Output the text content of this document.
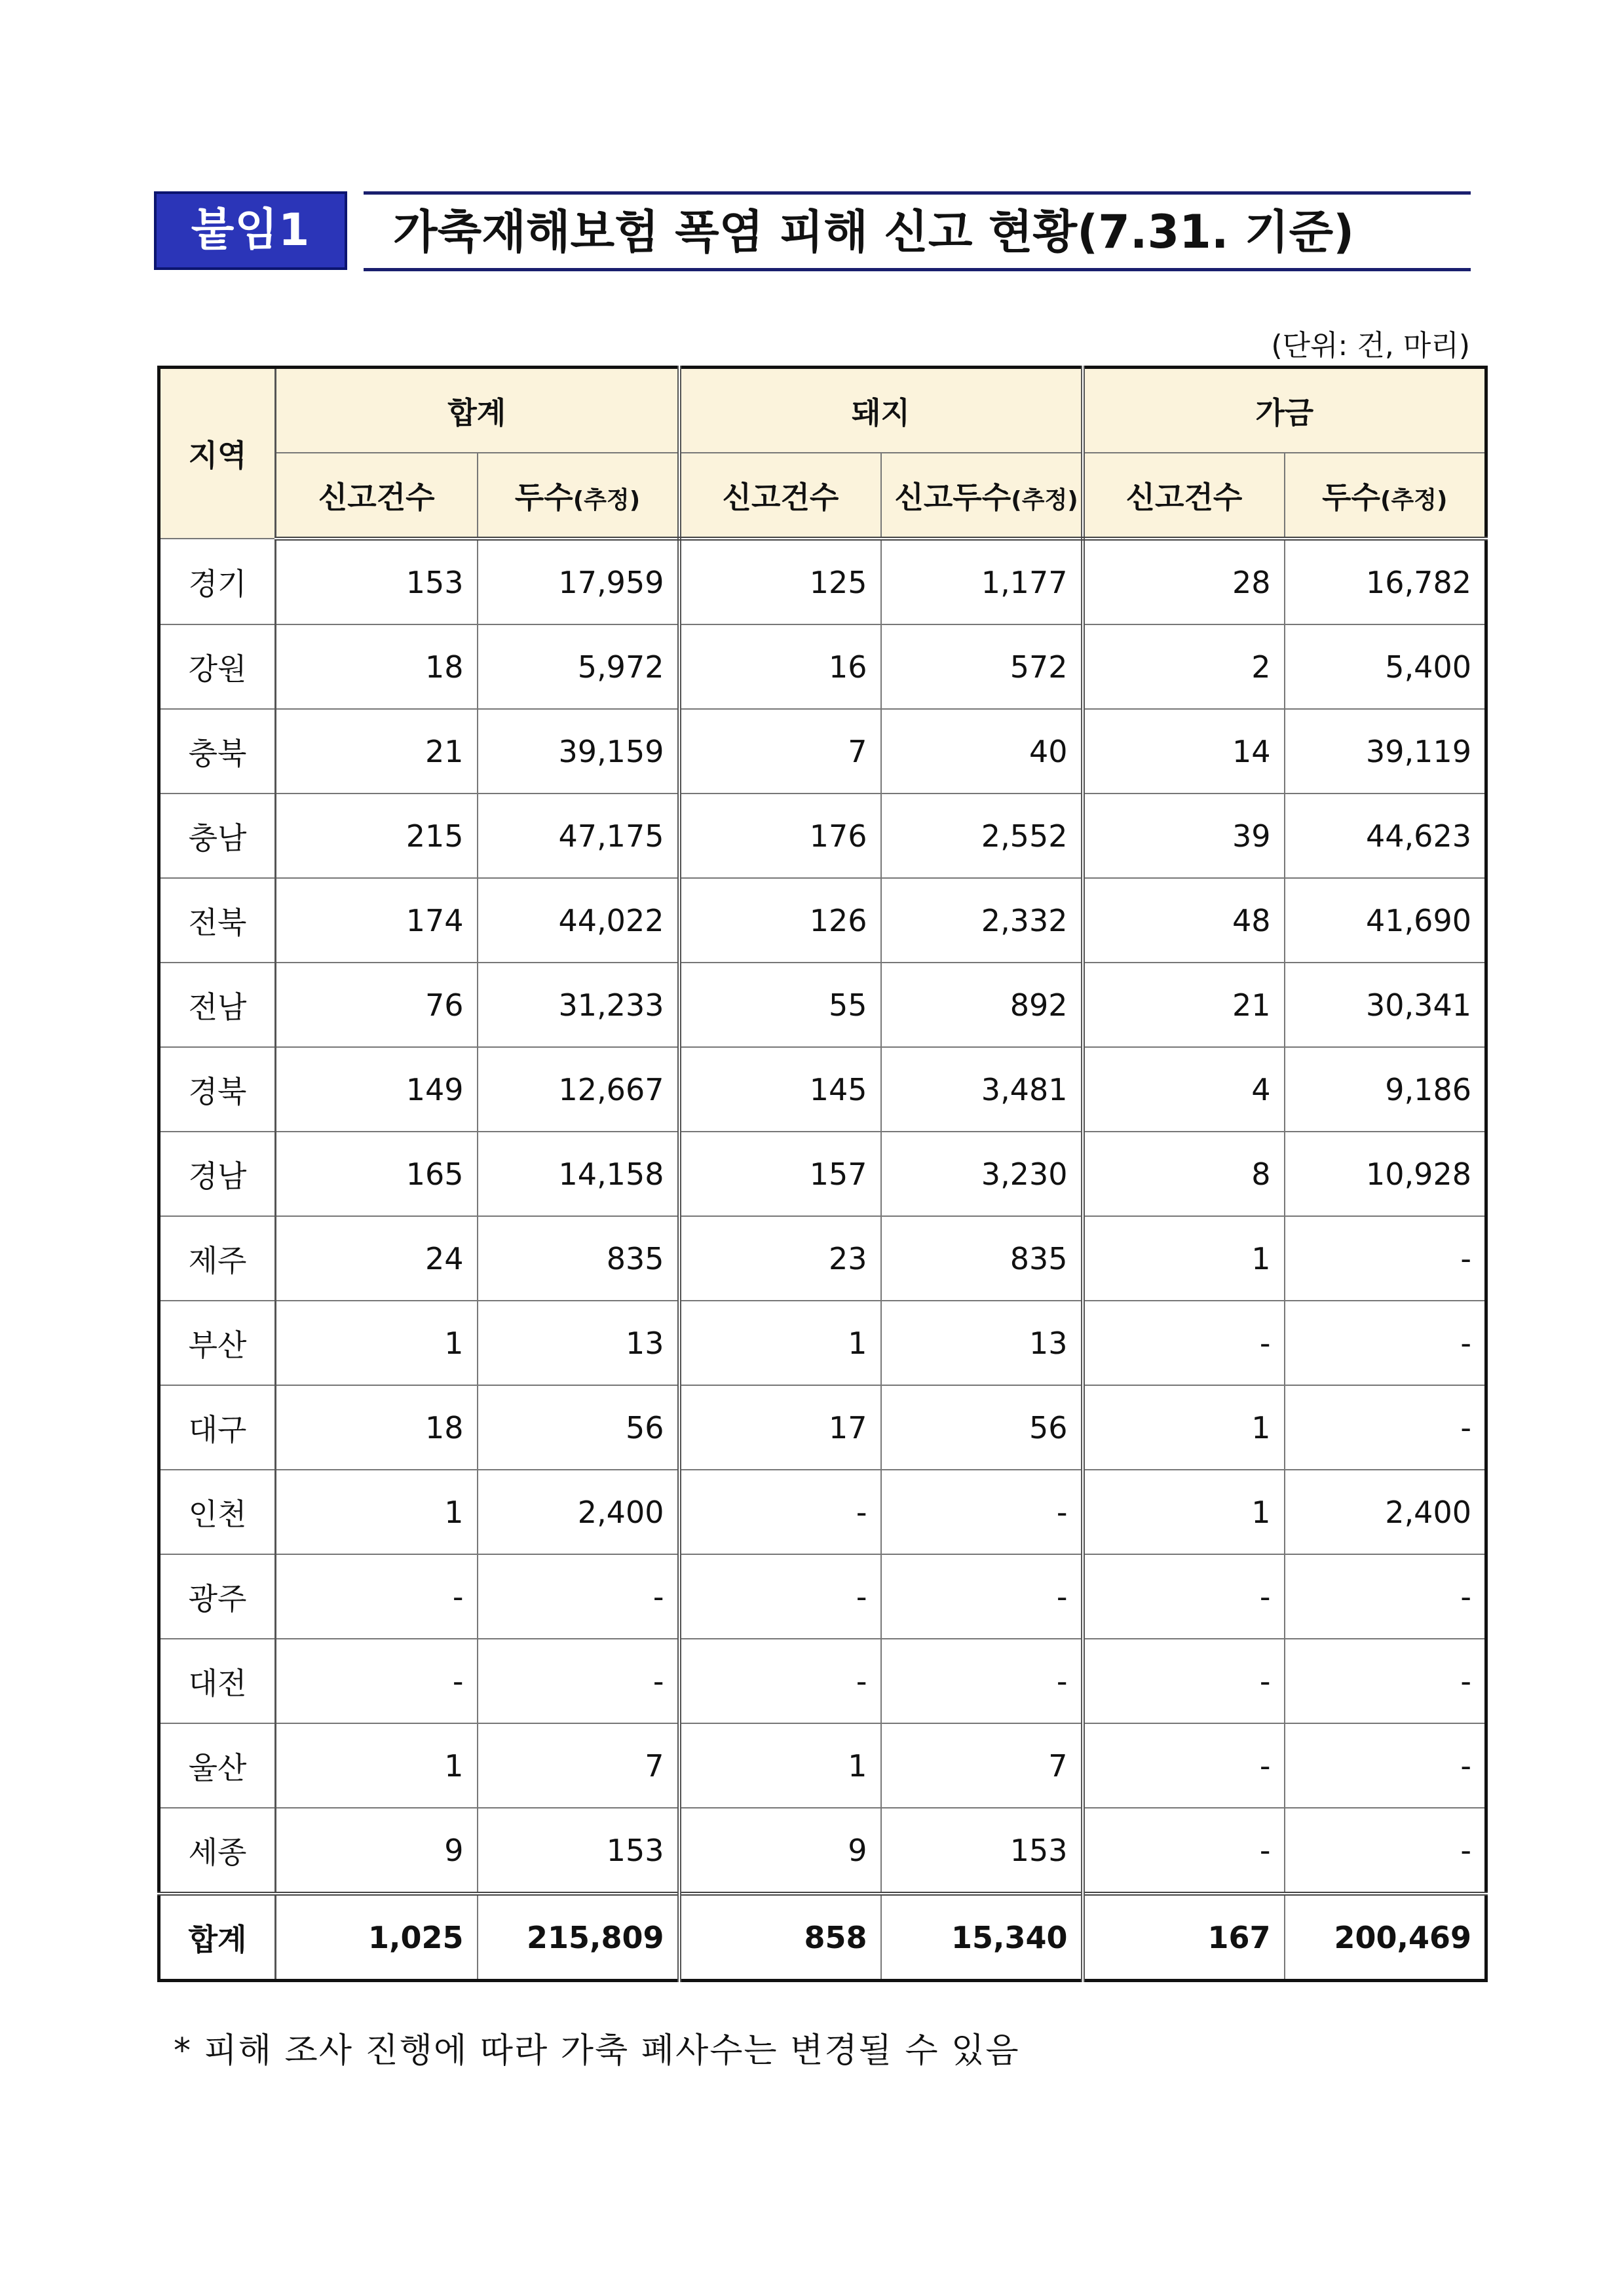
붙임1	가축재해보험 폭염 피해 신고 현황(7.31. 기준)
(단위: 건, 마리)
지역	합계		돼지		가금	
	신고건수	두수(추정)	신고건수	신고두수(추정)	신고건수	두수(추정)
경기	153	17,959	125	1,177	28	16,782
강원	18	5,972	16	572	2	5,400
충북	21	39,159	7	40	14	39,119
충남	215	47,175	176	2,552	39	44,623
전북	174	44,022	126	2,332	48	41,690
전남	76	31,233	55	892	21	30,341
경북	149	12,667	145	3,481	4	9,186
경남	165	14,158	157	3,230	8	10,928
제주	24	835	23	835	1	-
부산	1	13	1	13	-	-
대구	18	56	17	56	1	-
인천	1	2,400	-	-	1	2,400
광주	-	-	-	-	-	-
대전	-	-	-	-	-	-
울산	1	7	1	7	-	-
세종	9	153	9	153	-	-
합계	1,025	215,809	858	15,340	167	200,469
* 피해 조사 진행에 따라 가축 폐사수는 변경될 수 있음
